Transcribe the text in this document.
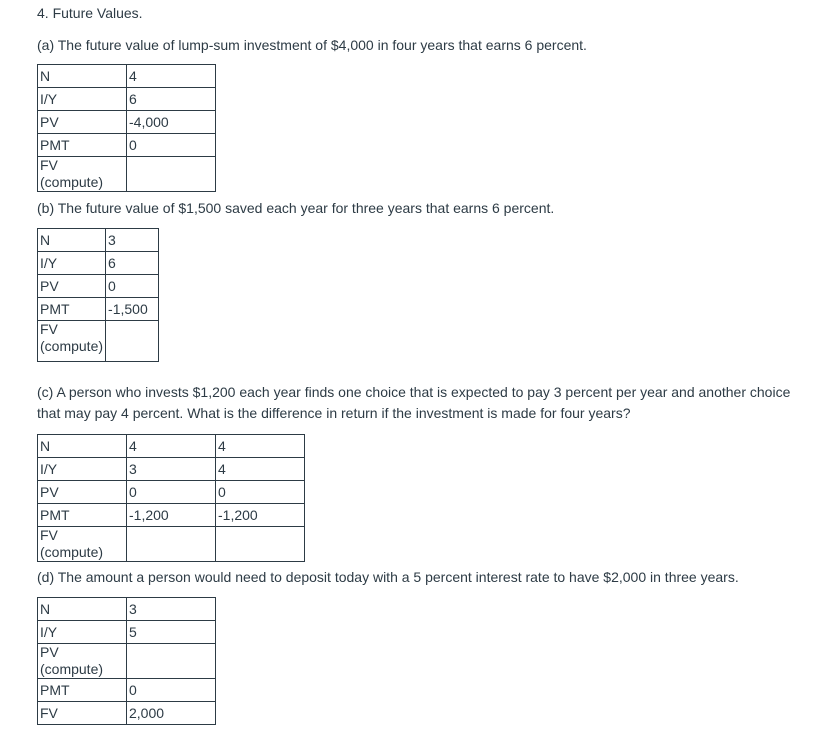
4. Future Values.

(a) The future value of lump-sum investment of $4,000 in four years that earns 6 percent.

N	4
I/Y	6
PV	-4,000
PMT	0
FV (compute)	

(b) The future value of $1,500 saved each year for three years that earns 6 percent.

N	3
I/Y	6
PV	0
PMT	-1,500
FV (compute)	

(c) A person who invests $1,200 each year finds one choice that is expected to pay 3 percent per year and another choice that may pay 4 percent. What is the difference in return if the investment is made for four years?

N	4	4
I/Y	3	4
PV	0	0
PMT	-1,200	-1,200
FV (compute)		

(d) The amount a person would need to deposit today with a 5 percent interest rate to have $2,000 in three years.

N	3
I/Y	5
PV (compute)	
PMT	0
FV	2,000
